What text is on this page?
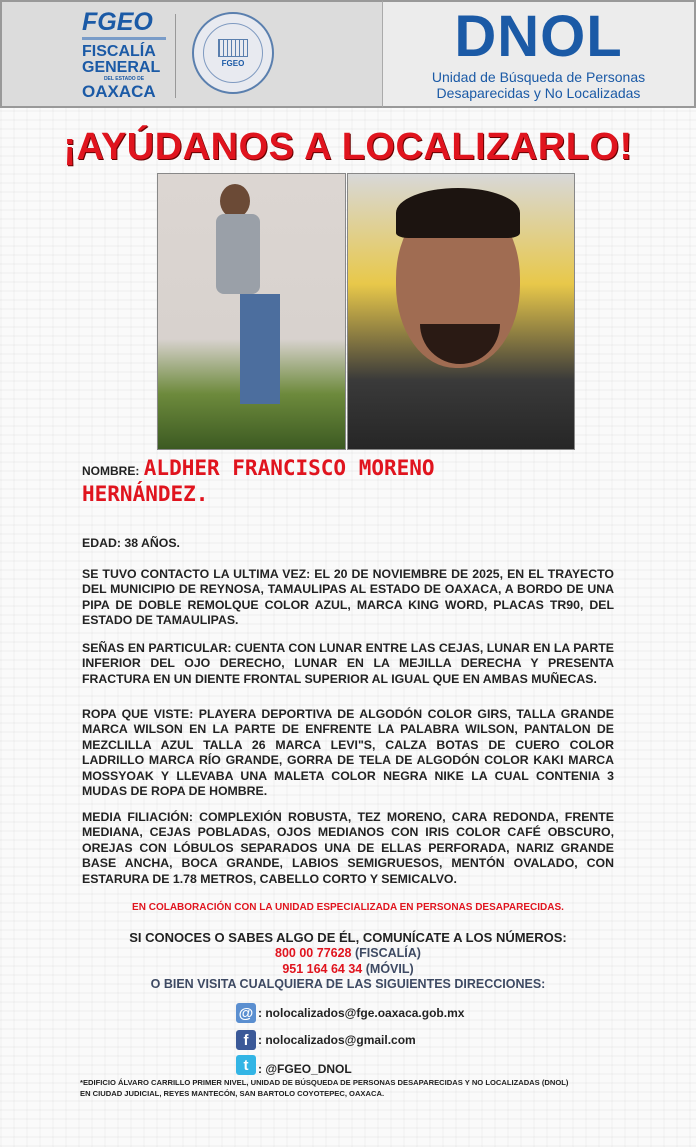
FGEO
FISCALÍA
GENERAL
DEL ESTADO DE
OAXACA
FGEO	DNOL
Unidad de Búsqueda de Personas
Desaparecidas y No Localizadas
¡AYÚDANOS A LOCALIZARLO!
NOMBRE: ALDHER FRANCISCO MORENO
HERNÁNDEZ.
EDAD: 38 AÑOS.
SE TUVO CONTACTO LA ULTIMA VEZ: EL 20 DE NOVIEMBRE DE 2025, EN EL TRAYECTO DEL MUNICIPIO DE REYNOSA, TAMAULIPAS AL ESTADO DE OAXACA, A BORDO DE UNA PIPA DE DOBLE REMOLQUE COLOR AZUL, MARCA KING WORD, PLACAS TR90, DEL ESTADO DE TAMAULIPAS.
SEÑAS EN PARTICULAR: CUENTA CON LUNAR ENTRE LAS CEJAS, LUNAR EN LA PARTE INFERIOR DEL OJO DERECHO, LUNAR EN LA MEJILLA DERECHA Y PRESENTA FRACTURA EN UN DIENTE FRONTAL SUPERIOR AL IGUAL QUE EN AMBAS MUÑECAS.
ROPA QUE VISTE: PLAYERA DEPORTIVA DE ALGODÓN COLOR GIRS, TALLA GRANDE MARCA WILSON EN LA PARTE DE ENFRENTE LA PALABRA WILSON, PANTALON DE MEZCLILLA AZUL TALLA 26 MARCA LEVI"S, CALZA BOTAS DE CUERO COLOR LADRILLO MARCA RÍO GRANDE, GORRA DE TELA DE ALGODÓN COLOR KAKI MARCA MOSSYOAK Y LLEVABA UNA MALETA COLOR NEGRA NIKE LA CUAL CONTENIA 3 MUDAS DE ROPA DE HOMBRE.
MEDIA FILIACIÓN: COMPLEXIÓN ROBUSTA, TEZ MORENO, CARA REDONDA, FRENTE MEDIANA, CEJAS POBLADAS, OJOS MEDIANOS CON IRIS COLOR CAFÉ OBSCURO, OREJAS CON LÓBULOS SEPARADOS UNA DE ELLAS PERFORADA, NARIZ GRANDE BASE ANCHA, BOCA GRANDE, LABIOS SEMIGRUESOS, MENTÓN OVALADO, CON ESTARURA DE 1.78 METROS, CABELLO CORTO Y SEMICALVO.
EN COLABORACIÓN CON LA UNIDAD ESPECIALIZADA EN PERSONAS DESAPARECIDAS.
SI CONOCES O SABES ALGO DE ÉL, COMUNÍCATE A LOS NÚMEROS:
800 00 77628 (FISCALÍA)
951 164 64 34 (MÓVIL)
O BIEN VISITA CUALQUIERA DE LAS SIGUIENTES DIRECCIONES:
@ : nolocalizados@fge.oaxaca.gob.mx
f : nolocalizados@gmail.com
t : @FGEO_DNOL
*EDIFICIO ÁLVARO CARRILLO PRIMER NIVEL, UNIDAD DE BÚSQUEDA DE PERSONAS DESAPARECIDAS Y NO LOCALIZADAS (DNOL)
EN CIUDAD JUDICIAL, REYES MANTECÓN, SAN BARTOLO COYOTEPEC, OAXACA.
